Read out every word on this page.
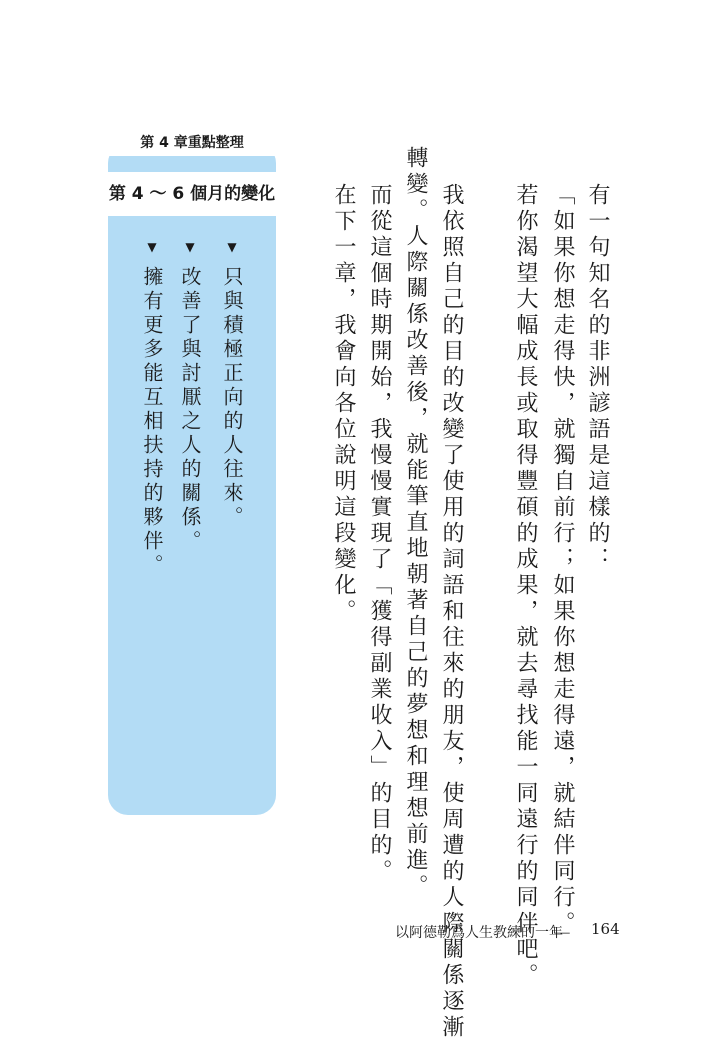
有一句知名的非洲諺語是這樣的：
「如果你想走得快，就獨自前行；如果你想走得遠，就結伴同行。」
若你渴望大幅成長或取得豐碩的成果，就去尋找能一同遠行的同伴吧。
我依照自己的目的改變了使用的詞語和往來的朋友，使周遭的人際關係逐漸
轉變。人際關係改善後，就能筆直地朝著自己的夢想和理想前進。
而從這個時期開始，我慢慢實現了「獲得副業收入」的目的。
在下一章，我會向各位說明這段變化。
第 4 章重點整理
第 4 ～ 6 個月的變化
▼只與積極正向的人往來。
▼改善了與討厭之人的關係。
▼擁有更多能互相扶持的夥伴。
以阿德勒爲人生教練的一年 164
